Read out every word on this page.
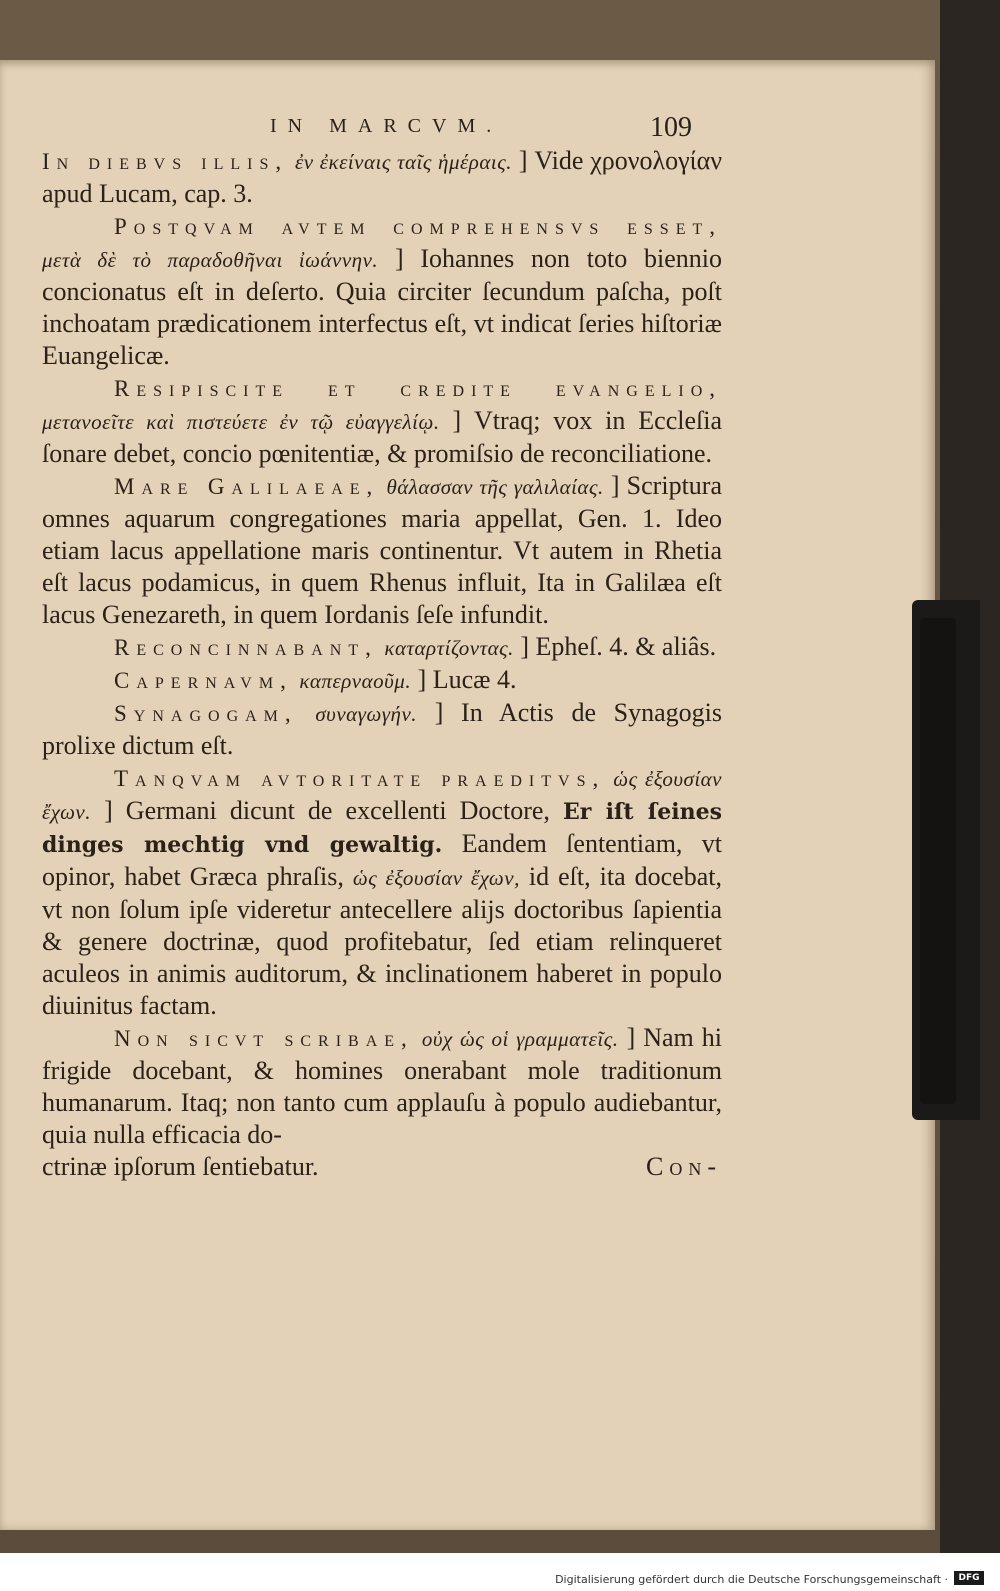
IN MARCVM.	109

In diebvs illis, ἐν ἐκείναις ταῖς ἡμέραις. ] Vide χρονολογίαν apud Lucam, cap. 3.

Postqvam avtem comprehensvs esset, μετὰ δὲ τὸ παραδοθῆναι ἰωάννην. ] Iohannes non toto biennio concionatus eſt in deſerto. Quia circiter ſecundum paſcha, poſt inchoatam prædicationem interfectus eſt, vt indicat ſeries hiſtoriæ Euangelicæ.

Resipiscite et credite evangelio, μετανοεῖτε καὶ πιστεύετε ἐν τῷ εὐαγγελίῳ. ] Vtraq; vox in Eccleſia ſonare debet, concio pœnitentiæ, & promiſsio de reconciliatione.

Mare Galilaeae, θάλασσαν τῆς γαλιλαίας. ] Scriptura omnes aquarum congregationes maria appellat, Gen. 1. Ideo etiam lacus appellatione maris continentur. Vt autem in Rhetia eſt lacus podamicus, in quem Rhenus influit, Ita in Galilæa eſt lacus Genezareth, in quem Iordanis ſeſe infundit.

Reconcinnabant, καταρτίζοντας. ] Epheſ. 4. & aliâs.

Capernavm, καπερναοῦμ. ] Lucæ 4.

Synagogam, συναγωγήν. ] In Actis de Synagogis prolixe dictum eſt.

Tanqvam avtoritate praeditvs, ὡς ἐξουσίαν ἔχων. ] Germani dicunt de excellenti Doctore, Er iſt ſeines dinges mechtig vnd gewaltig. Eandem ſententiam, vt opinor, habet Græca phraſis, ὡς ἐξουσίαν ἔχων, id eſt, ita docebat, vt non ſolum ipſe videretur antecellere alijs doctoribus ſapientia & genere doctrinæ, quod profitebatur, ſed etiam relinqueret aculeos in animis auditorum, & inclinationem haberet in populo diuinitus factam.

Non sicvt scribae, οὐχ ὡς οἱ γραμματεῖς. ] Nam hi frigide docebant, & homines onerabant mole traditionum humanarum. Itaq; non tanto cum applauſu à populo audiebantur, quia nulla efficacia do-

ctrinæ ipſorum ſentiebatur.	Con-
Digitalisierung gefördert durch die Deutsche Forschungsgemeinschaft ·	DFG
